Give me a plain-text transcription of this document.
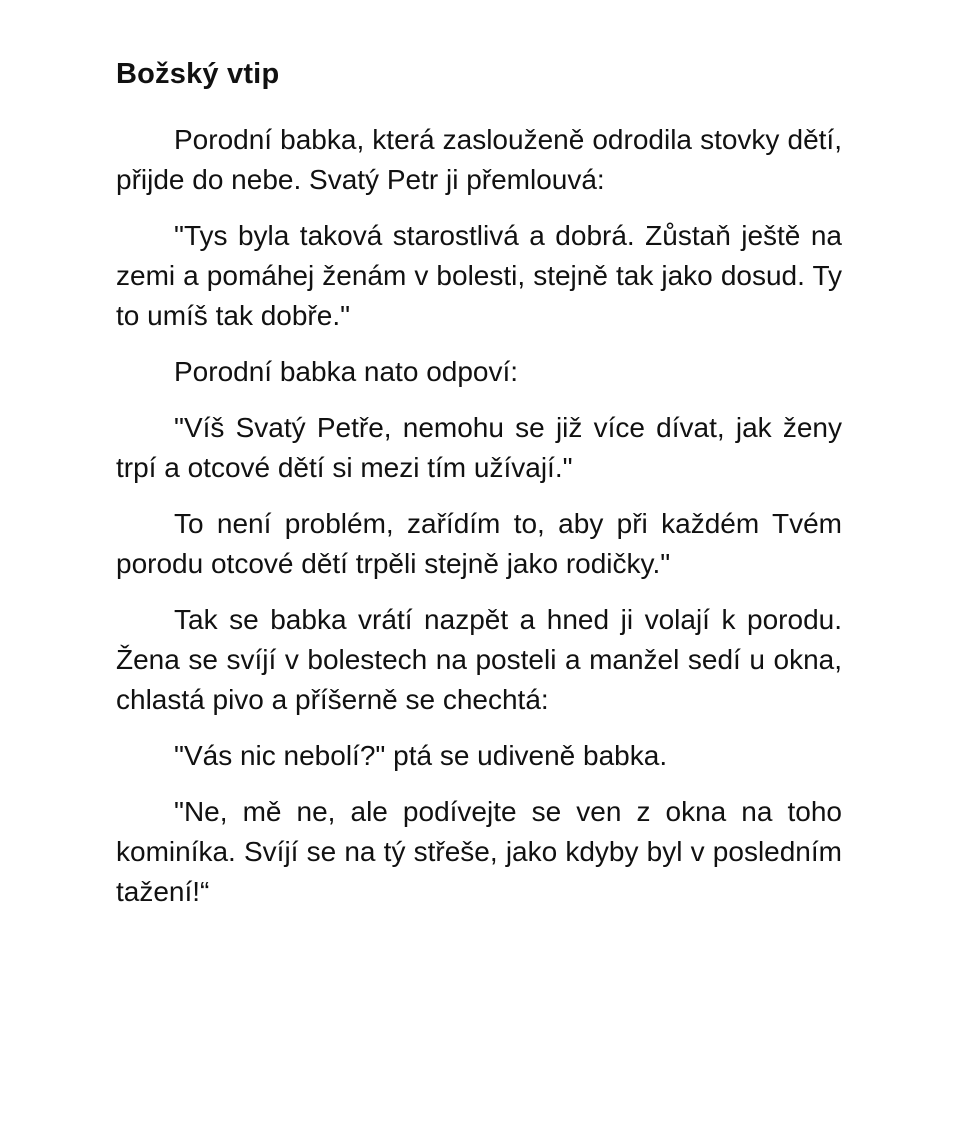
Božský vtip

Porodní babka, která zaslouženě odrodila stovky dětí, přijde do nebe. Svatý Petr ji přemlouvá:

"Tys byla taková starostlivá a dobrá. Zůstaň ještě na zemi a pomáhej ženám v bolesti, stejně tak jako dosud. Ty to umíš tak dobře."

Porodní babka nato odpoví:

"Víš Svatý Petře, nemohu se již více dívat, jak ženy trpí a otcové dětí si mezi tím užívají."

To není problém, zařídím to, aby při každém Tvém porodu otcové dětí trpěli stejně jako rodičky."

Tak se babka vrátí nazpět a hned ji volají k porodu. Žena se svíjí v bolestech na posteli a manžel sedí u okna, chlastá pivo a příšerně se chechtá:

"Vás nic nebolí?" ptá se udiveně babka.

"Ne, mě ne, ale podívejte se ven z okna na toho kominíka. Svíjí se na tý střeše, jako kdyby byl v posledním tažení!“
